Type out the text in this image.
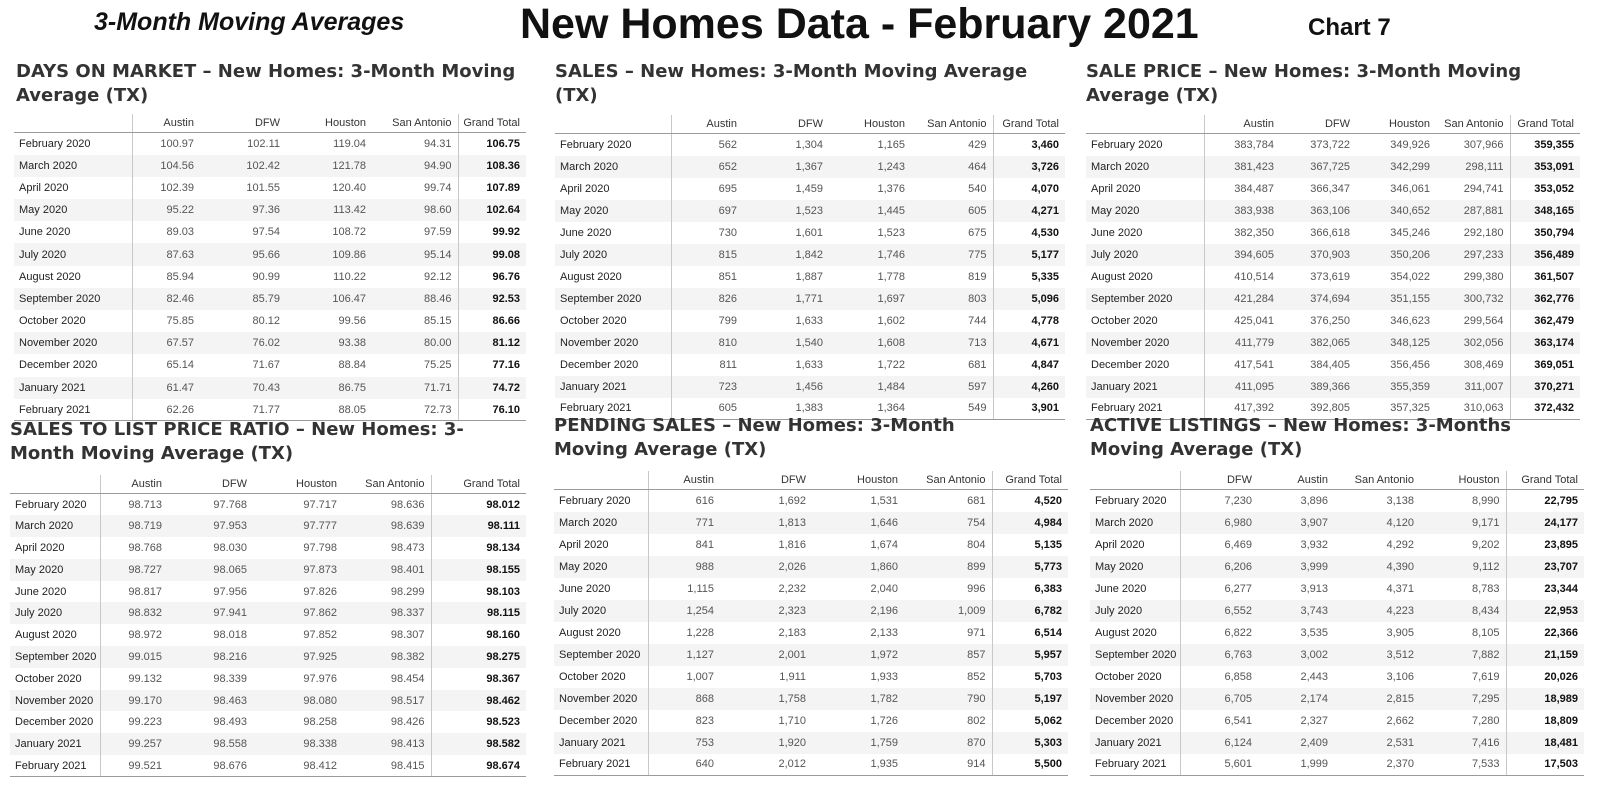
3-Month Moving Averages	New Homes Data - February 2021	Chart 7
DAYS ON MARKET – New Homes: 3-Month Moving Average (TX)
	Austin	DFW	Houston	San Antonio	Grand Total
February 2020	100.97	102.11	119.04	94.31	106.75
March 2020	104.56	102.42	121.78	94.90	108.36
April 2020	102.39	101.55	120.40	99.74	107.89
May 2020	95.22	97.36	113.42	98.60	102.64
June 2020	89.03	97.54	108.72	97.59	99.92
July 2020	87.63	95.66	109.86	95.14	99.08
August 2020	85.94	90.99	110.22	92.12	96.76
September 2020	82.46	85.79	106.47	88.46	92.53
October 2020	75.85	80.12	99.56	85.15	86.66
November 2020	67.57	76.02	93.38	80.00	81.12
December 2020	65.14	71.67	88.84	75.25	77.16
January 2021	61.47	70.43	86.75	71.71	74.72
February 2021	62.26	71.77	88.05	72.73	76.10
SALES – New Homes: 3-Month Moving Average (TX)
	Austin	DFW	Houston	San Antonio	Grand Total
February 2020	562	1,304	1,165	429	3,460
March 2020	652	1,367	1,243	464	3,726
April 2020	695	1,459	1,376	540	4,070
May 2020	697	1,523	1,445	605	4,271
June 2020	730	1,601	1,523	675	4,530
July 2020	815	1,842	1,746	775	5,177
August 2020	851	1,887	1,778	819	5,335
September 2020	826	1,771	1,697	803	5,096
October 2020	799	1,633	1,602	744	4,778
November 2020	810	1,540	1,608	713	4,671
December 2020	811	1,633	1,722	681	4,847
January 2021	723	1,456	1,484	597	4,260
February 2021	605	1,383	1,364	549	3,901
SALE PRICE – New Homes: 3-Month Moving Average (TX)
	Austin	DFW	Houston	San Antonio	Grand Total
February 2020	383,784	373,722	349,926	307,966	359,355
March 2020	381,423	367,725	342,299	298,111	353,091
April 2020	384,487	366,347	346,061	294,741	353,052
May 2020	383,938	363,106	340,652	287,881	348,165
June 2020	382,350	366,618	345,246	292,180	350,794
July 2020	394,605	370,903	350,206	297,233	356,489
August 2020	410,514	373,619	354,022	299,380	361,507
September 2020	421,284	374,694	351,155	300,732	362,776
October 2020	425,041	376,250	346,623	299,564	362,479
November 2020	411,779	382,065	348,125	302,056	363,174
December 2020	417,541	384,405	356,456	308,469	369,051
January 2021	411,095	389,366	355,359	311,007	370,271
February 2021	417,392	392,805	357,325	310,063	372,432
SALES TO LIST PRICE RATIO – New Homes: 3-Month Moving Average (TX)
	Austin	DFW	Houston	San Antonio	Grand Total
February 2020	98.713	97.768	97.717	98.636	98.012
March 2020	98.719	97.953	97.777	98.639	98.111
April 2020	98.768	98.030	97.798	98.473	98.134
May 2020	98.727	98.065	97.873	98.401	98.155
June 2020	98.817	97.956	97.826	98.299	98.103
July 2020	98.832	97.941	97.862	98.337	98.115
August 2020	98.972	98.018	97.852	98.307	98.160
September 2020	99.015	98.216	97.925	98.382	98.275
October 2020	99.132	98.339	97.976	98.454	98.367
November 2020	99.170	98.463	98.080	98.517	98.462
December 2020	99.223	98.493	98.258	98.426	98.523
January 2021	99.257	98.558	98.338	98.413	98.582
February 2021	99.521	98.676	98.412	98.415	98.674
PENDING SALES – New Homes: 3-Month Moving Average (TX)
	Austin	DFW	Houston	San Antonio	Grand Total
February 2020	616	1,692	1,531	681	4,520
March 2020	771	1,813	1,646	754	4,984
April 2020	841	1,816	1,674	804	5,135
May 2020	988	2,026	1,860	899	5,773
June 2020	1,115	2,232	2,040	996	6,383
July 2020	1,254	2,323	2,196	1,009	6,782
August 2020	1,228	2,183	2,133	971	6,514
September 2020	1,127	2,001	1,972	857	5,957
October 2020	1,007	1,911	1,933	852	5,703
November 2020	868	1,758	1,782	790	5,197
December 2020	823	1,710	1,726	802	5,062
January 2021	753	1,920	1,759	870	5,303
February 2021	640	2,012	1,935	914	5,500
ACTIVE LISTINGS – New Homes: 3-Months Moving Average (TX)
	DFW	Austin	San Antonio	Houston	Grand Total
February 2020	7,230	3,896	3,138	8,990	22,795
March 2020	6,980	3,907	4,120	9,171	24,177
April 2020	6,469	3,932	4,292	9,202	23,895
May 2020	6,206	3,999	4,390	9,112	23,707
June 2020	6,277	3,913	4,371	8,783	23,344
July 2020	6,552	3,743	4,223	8,434	22,953
August 2020	6,822	3,535	3,905	8,105	22,366
September 2020	6,763	3,002	3,512	7,882	21,159
October 2020	6,858	2,443	3,106	7,619	20,026
November 2020	6,705	2,174	2,815	7,295	18,989
December 2020	6,541	2,327	2,662	7,280	18,809
January 2021	6,124	2,409	2,531	7,416	18,481
February 2021	5,601	1,999	2,370	7,533	17,503
